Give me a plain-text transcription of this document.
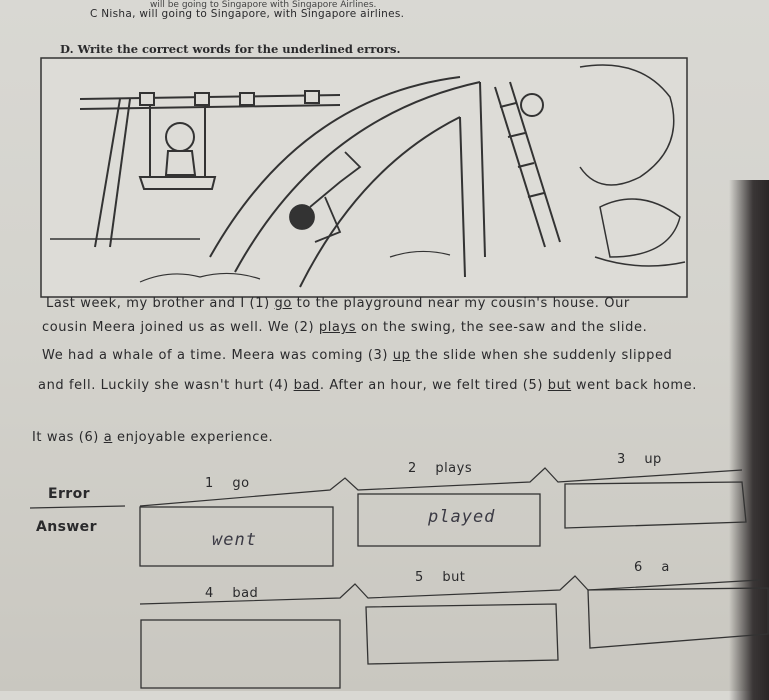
will be going to Singapore with Singapore Airlines.
C Nisha, will going to Singapore, with Singapore airlines.
D. Write the correct words for the underlined errors.
Last week, my brother and I (1) go to the playground near my cousin's house. Our
cousin Meera joined us as well. We (2) plays on the swing, the see-saw and the slide.
We had a whale of a time. Meera was coming (3) up the slide when she suddenly slipped
and fell. Luckily she wasn't hurt (4) bad. After an hour, we felt tired (5) but went back home.
It was (6) a enjoyable experience.
Error
Answer
1 go
2 plays
3 up
4 bad
5 but
6 a
went
played
